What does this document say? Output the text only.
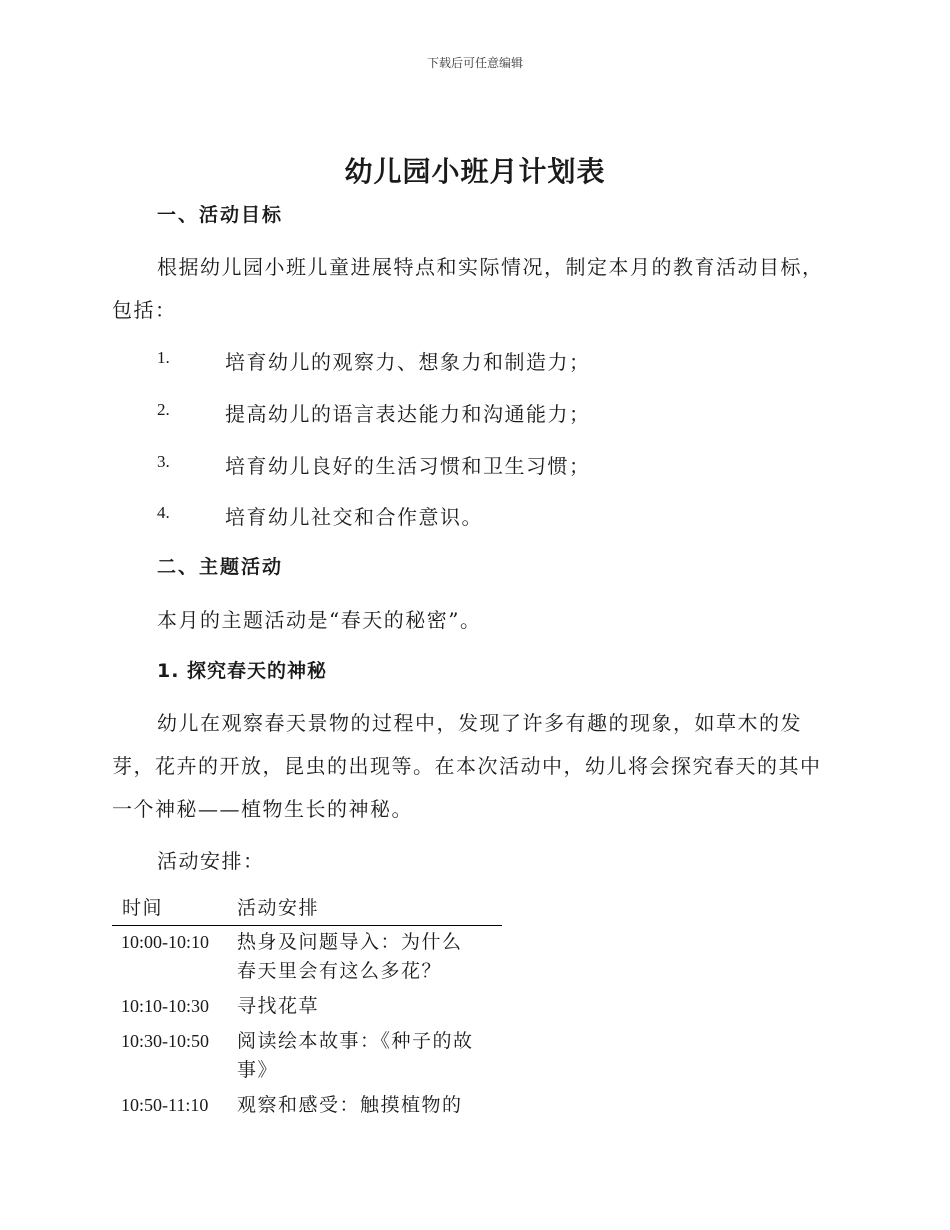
下载后可任意编辑
幼儿园小班月计划表
一、活动目标
根据幼儿园小班儿童进展特点和实际情况，制定本月的教育活动目标，
包括：
1.	培育幼儿的观察力、想象力和制造力；
2.	提高幼儿的语言表达能力和沟通能力；
3.	培育幼儿良好的生活习惯和卫生习惯；
4.	培育幼儿社交和合作意识。
二、主题活动
本月的主题活动是“春天的秘密”。
1. 探究春天的神秘
幼儿在观察春天景物的过程中，发现了许多有趣的现象，如草木的发
芽，花卉的开放，昆虫的出现等。在本次活动中，幼儿将会探究春天的其中
一个神秘——植物生长的神秘。
活动安排：
时间	活动安排
10:00-10:10	热身及问题导入：为什么春天里会有这么多花？
10:10-10:30	寻找花草
10:30-10:50	阅读绘本故事：《种子的故事》
10:50-11:10	观察和感受：触摸植物的
